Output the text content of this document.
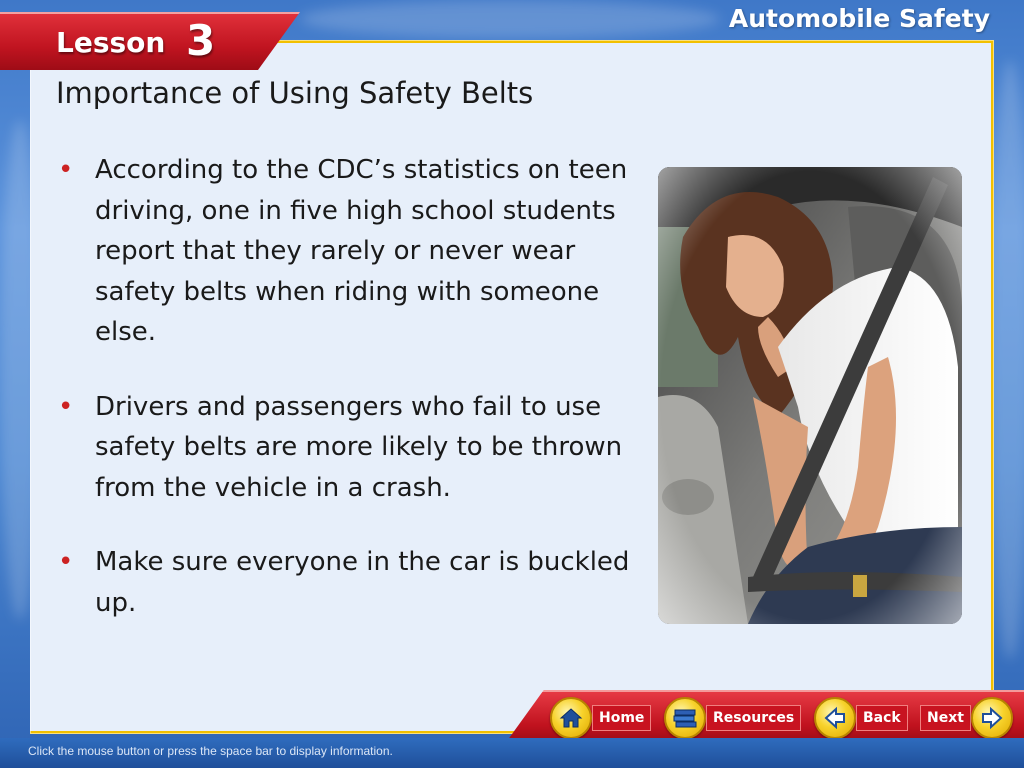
Lesson 3	Automobile Safety
Importance of Using Safety Belts
• According to the CDC’s statistics on teen driving, one in five high school students report that they rarely or never wear safety belts when riding with someone else.
• Drivers and passengers who fail to use safety belts are more likely to be thrown from the vehicle in a crash.
• Make sure everyone in the car is buckled up.
Home	Resources	Back	Next
Click the mouse button or press the space bar to display information.
